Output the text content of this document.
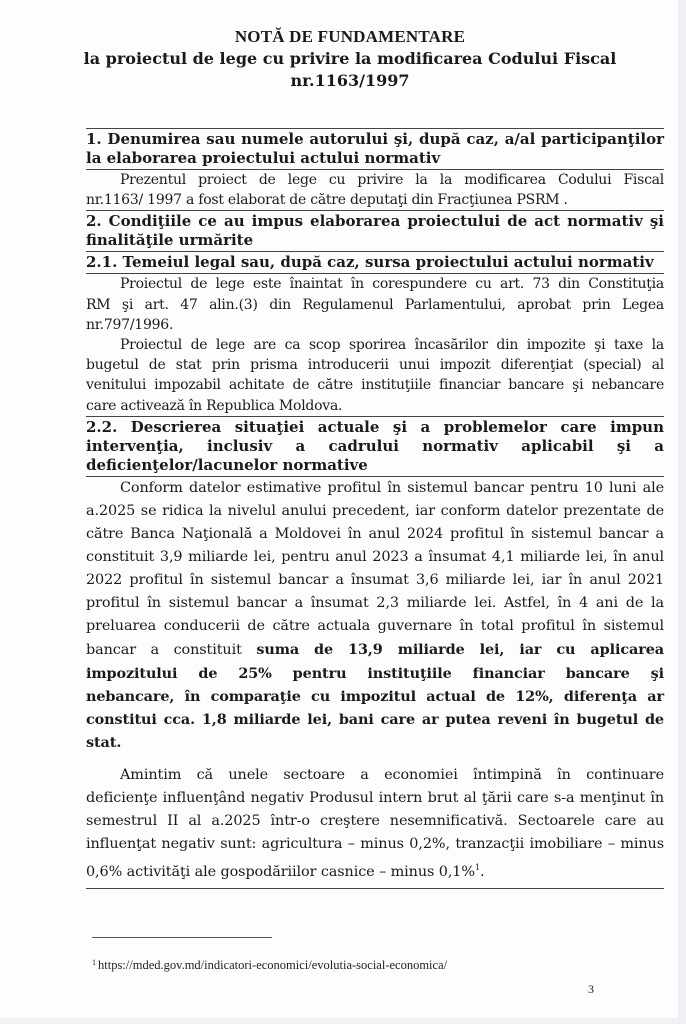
NOTĂ DE FUNDAMENTARE
la proiectul de lege cu privire la modificarea Codului Fiscal
nr.1163/1997
1. Denumirea sau numele autorului şi, după caz, a/al participanţilor
la elaborarea proiectului actului normativ
Prezentul proiect de lege cu privire la la modificarea Codului Fiscal
nr.1163/ 1997 a fost elaborat de către deputaţi din Fracţiunea PSRM .
2. Condiţiile ce au impus elaborarea proiectului de act normativ şi
finalităţile urmărite
2.1. Temeiul legal sau, după caz, sursa proiectului actului normativ
Proiectul de lege este înaintat în corespundere cu art. 73 din Constituţia
RM şi art. 47 alin.(3) din Regulamenul Parlamentului, aprobat prin Legea
nr.797/1996.
Proiectul de lege are ca scop sporirea încasărilor din impozite şi taxe la
bugetul de stat prin prisma introducerii unui impozit diferenţiat (special) al
venitului impozabil achitate de către instituţiile financiar bancare şi nebancare
care activează în Republica Moldova.
2.2. Descrierea situaţiei actuale şi a problemelor care impun
intervenţia, inclusiv a cadrului normativ aplicabil şi a
deficienţelor/lacunelor normative
Conform datelor estimative profitul în sistemul bancar pentru 10 luni ale
a.2025 se ridica la nivelul anului precedent, iar conform datelor prezentate de
către Banca Naţională a Moldovei în anul 2024 profitul în sistemul bancar a
constituit 3,9 miliarde lei, pentru anul 2023 a însumat 4,1 miliarde lei, în anul
2022 profitul în sistemul bancar a însumat 3,6 miliarde lei, iar în anul 2021
profitul în sistemul bancar a însumat 2,3 miliarde lei. Astfel, în 4 ani de la
preluarea conducerii de către actuala guvernare în total profitul în sistemul
bancar a constituit suma de 13,9 miliarde lei, iar cu aplicarea
impozitului de 25% pentru instituţiile financiar bancare şi
nebancare, în comparaţie cu impozitul actual de 12%, diferenţa ar
constitui cca. 1,8 miliarde lei, bani care ar putea reveni în bugetul de
stat.
Amintim că unele sectoare a economiei întimpină în continuare
deficienţe influenţând negativ Produsul intern brut al ţării care s-a menţinut în
semestrul II al a.2025 într-o creştere nesemnificativă. Sectoarele care au
influenţat negativ sunt: agricultura – minus 0,2%, tranzacţii imobiliare – minus
0,6% activităţi ale gospodăriilor casnice – minus 0,1%$^1$.
$^1$ https://mded.gov.md/indicatori-economici/evolutia-social-economica/
3
